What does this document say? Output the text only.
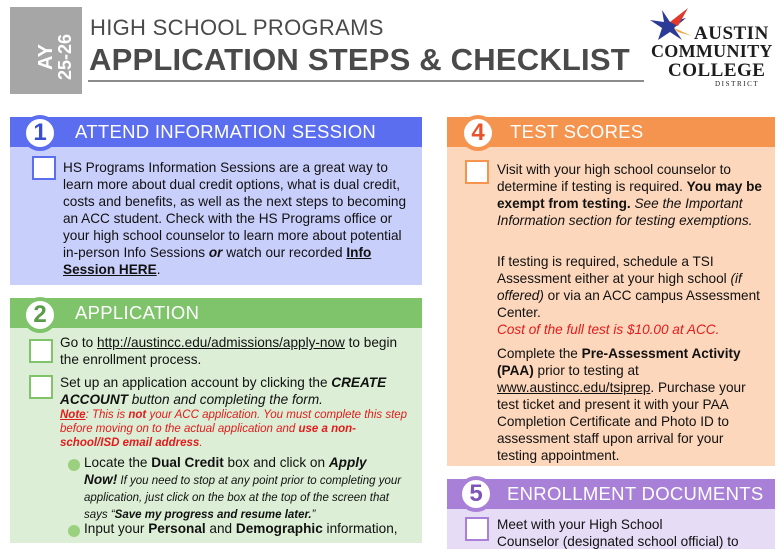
AY
25-26
HIGH SCHOOL PROGRAMS
APPLICATION STEPS & CHECKLIST
AUSTIN
COMMUNITY
COLLEGE
DISTRICT
ATTEND INFORMATION SESSION
HS Programs Information Sessions are a great way to learn more about dual credit options, what is dual credit, costs and benefits, as well as the next steps to becoming an ACC student. Check with the HS Programs office or your high school counselor to learn more about potential in-person Info Sessions or watch our recorded Info Session HERE.
1
APPLICATION
Go to http://austincc.edu/admissions/apply-now to begin the enrollment process.
Set up an application account by clicking the CREATE ACCOUNT button and completing the form.
Note: This is not your ACC application. You must complete this step before moving on to the actual application and use a non-school/ISD email address.
Locate the Dual Credit box and click on Apply Now! If you need to stop at any point prior to completing your application, just click on the box at the top of the screen that says “Save my progress and resume later.”
Input your Personal and Demographic information,
2
TEST SCORES
Visit with your high school counselor to determine if testing is required. You may be exempt from testing. See the Important Information section for testing exemptions.
If testing is required, schedule a TSI Assessment either at your high school (if offered) or via an ACC campus Assessment Center.
Cost of the full test is $10.00 at ACC.
Complete the Pre-Assessment Activity (PAA) prior to testing at www.austincc.edu/tsiprep. Purchase your test ticket and present it with your PAA Completion Certificate and Photo ID to assessment staff upon arrival for your testing appointment.
4
ENROLLMENT DOCUMENTS
Meet with your High School
Counselor (designated school official) to
5
